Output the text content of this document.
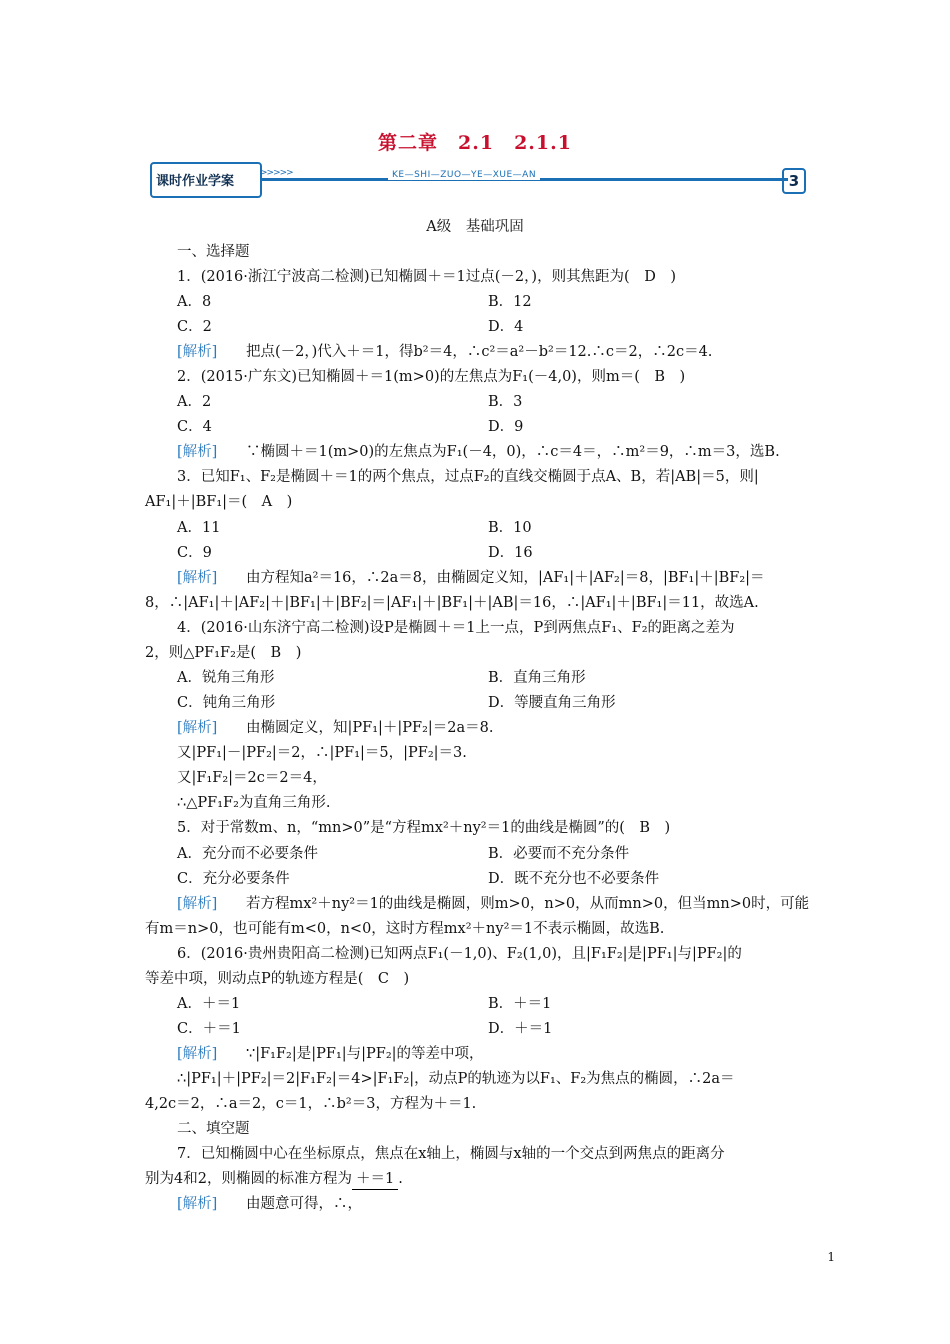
第二章　2.1　2.1.1
课时作业学案
>>>>>	KE—SHI—ZUO—YE—XUE—AN	3
A级　基础巩固
一、选择题
1．(2016·浙江宁波高二检测)已知椭圆＋＝1过点(－2，)，则其焦距为(　D　)
A．8	B．12
C．2	D．4
[解析] 把点(－2，)代入＋＝1，得b²＝4，∴c²＝a²－b²＝12.∴c＝2，∴2c＝4.
2．(2015·广东文)已知椭圆＋＝1(m>0)的左焦点为F₁(－4,0)，则m＝(　B　)
A．2	B．3
C．4	D．9
[解析] ∵椭圆＋＝1(m>0)的左焦点为F₁(－4，0)，∴c＝4＝，∴m²＝9，∴m＝3，选B.
3．已知F₁、F₂是椭圆＋＝1的两个焦点，过点F₂的直线交椭圆于点A、B，若|AB|＝5，则|
AF₁|＋|BF₁|＝(　A　)
A．11	B．10
C．9	D．16
[解析] 由方程知a²＝16，∴2a＝8，由椭圆定义知，|AF₁|＋|AF₂|＝8，|BF₁|＋|BF₂|＝
8，∴|AF₁|＋|AF₂|＋|BF₁|＋|BF₂|＝|AF₁|＋|BF₁|＋|AB|＝16，∴|AF₁|＋|BF₁|＝11，故选A.
4．(2016·山东济宁高二检测)设P是椭圆＋＝1上一点，P到两焦点F₁、F₂的距离之差为
2，则△PF₁F₂是(　B　)
A．锐角三角形	B．直角三角形
C．钝角三角形	D．等腰直角三角形
[解析] 由椭圆定义，知|PF₁|＋|PF₂|＝2a＝8.
又|PF₁|－|PF₂|＝2，∴|PF₁|＝5，|PF₂|＝3.
又|F₁F₂|＝2c＝2＝4，
∴△PF₁F₂为直角三角形.
5．对于常数m、n，“mn>0”是“方程mx²＋ny²＝1的曲线是椭圆”的(　B　)
A．充分而不必要条件	B．必要而不充分条件
C．充分必要条件	D．既不充分也不必要条件
[解析] 若方程mx²＋ny²＝1的曲线是椭圆，则m>0，n>0，从而mn>0，但当mn>0时，可能
有m＝n>0，也可能有m<0，n<0，这时方程mx²＋ny²＝1不表示椭圆，故选B.
6．(2016·贵州贵阳高二检测)已知两点F₁(－1,0)、F₂(1,0)，且|F₁F₂|是|PF₁|与|PF₂|的
等差中项，则动点P的轨迹方程是(　C　)
A．＋＝1	B．＋＝1
C．＋＝1	D．＋＝1
[解析] ∵|F₁F₂|是|PF₁|与|PF₂|的等差中项，
∴|PF₁|＋|PF₂|＝2|F₁F₂|＝4>|F₁F₂|，动点P的轨迹为以F₁、F₂为焦点的椭圆，∴2a＝
4,2c＝2，∴a＝2，c＝1，∴b²＝3，方程为＋＝1.
二、填空题
7．已知椭圆中心在坐标原点，焦点在x轴上，椭圆与x轴的一个交点到两焦点的距离分
别为4和2，则椭圆的标准方程为 ＋＝1 .
[解析] 由题意可得，∴，
1
